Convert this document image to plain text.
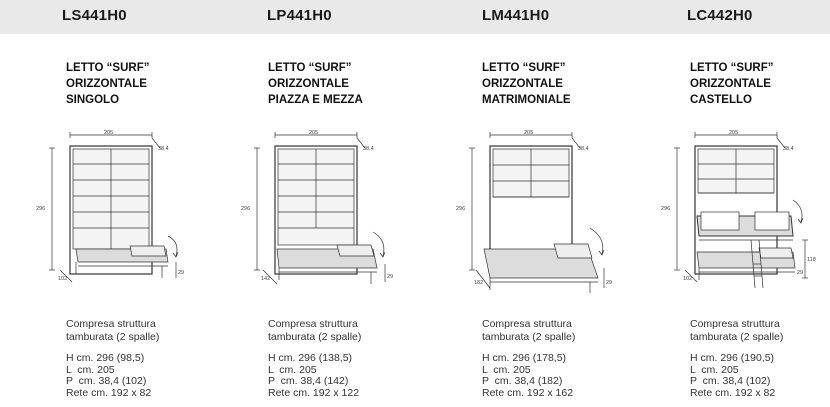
LS441H0
LETTO “SURF”
ORIZZONTALE
SINGOLO
205
296
38,4
102
29
Compresa struttura
tamburata (2 spalle)
H cm. 296 (98,5)
L  cm. 205
P  cm. 38,4 (102)
Rete cm. 192 x 82
LP441H0
LETTO “SURF”
ORIZZONTALE
PIAZZA E MEZZA
205
296
38,4
142	29
Compresa struttura
tamburata (2 spalle)
H cm. 296 (138,5)
L  cm. 205
P  cm. 38,4 (142)
Rete cm. 192 x 122
LM441H0
LETTO “SURF”
ORIZZONTALE
MATRIMONIALE
205
296
38,4
182	29
Compresa struttura
tamburata (2 spalle)
H cm. 296 (178,5)
L  cm. 205
P  cm. 38,4 (182)
Rete cm. 192 x 162
LC442H0
LETTO “SURF”
ORIZZONTALE
CASTELLO
205
296
38,4
102
118
29
Compresa struttura
tamburata (2 spalle)
H cm. 296 (190,5)
L  cm. 205
P  cm. 38,4 (102)
Rete cm. 192 x 82
